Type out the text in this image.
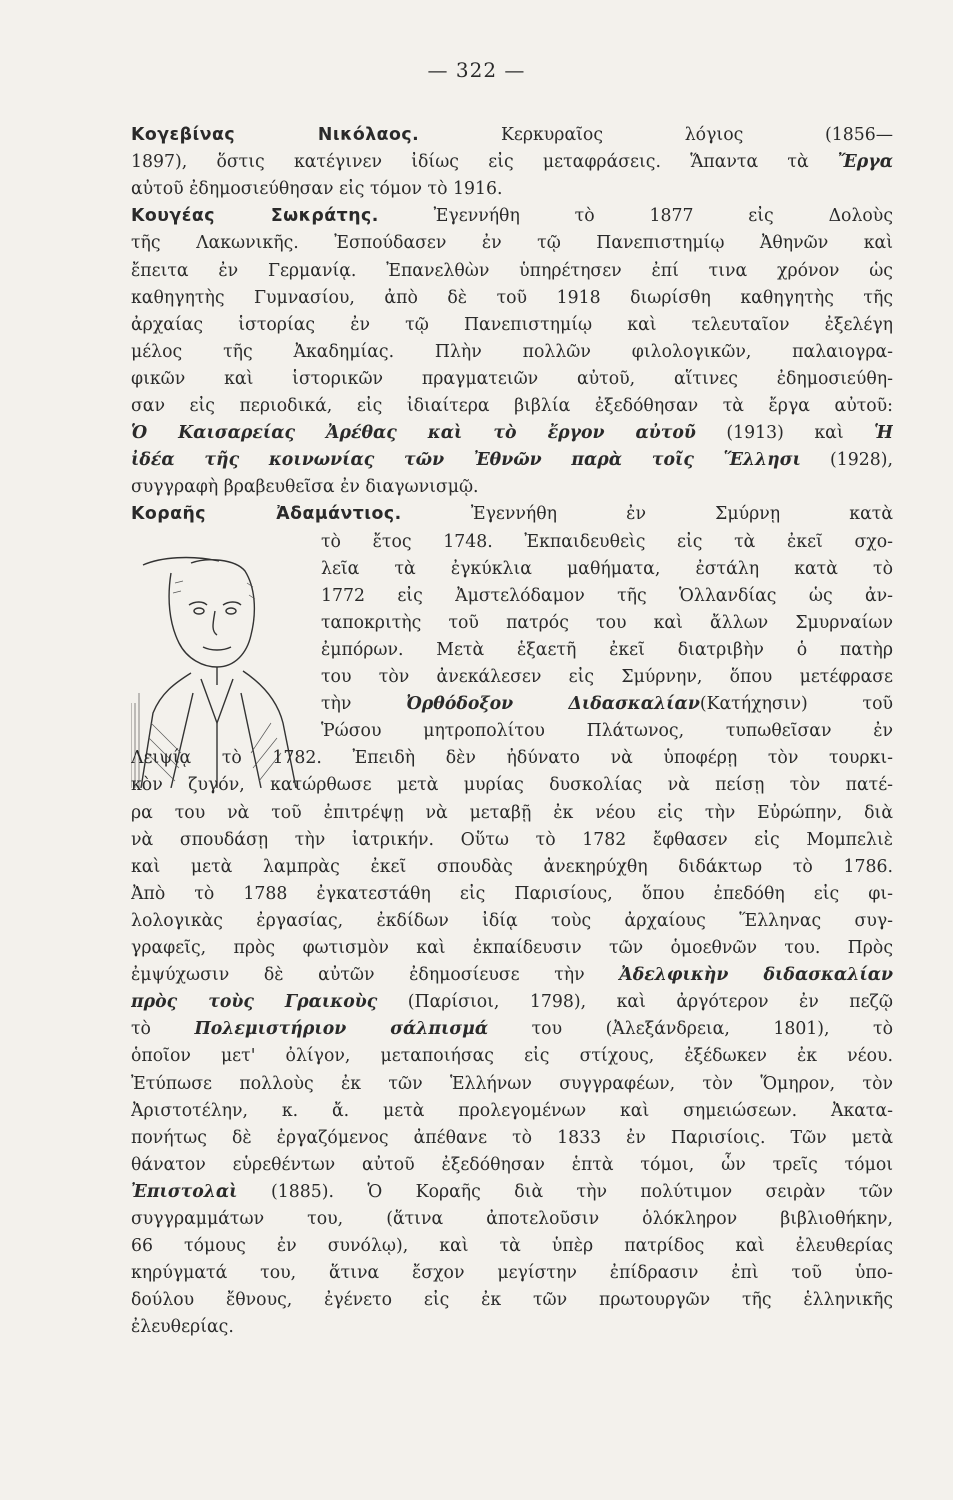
— 322 —
Κογεβίνας Νικόλαος. Κερκυραῖος λόγιος (1856—
1897), ὅστις κατέγινεν ἰδίως εἰς μεταφράσεις. Ἅπαντα τὰ Ἔργα
αὐτοῦ ἐδημοσιεύθησαν εἰς τόμον τὸ 1916.
Κουγέας Σωκράτης. Ἐγεννήθη τὸ 1877 εἰς Δολοὺς
τῆς Λακωνικῆς. Ἐσπούδασεν ἐν τῷ Πανεπιστημίῳ Ἀθηνῶν καὶ
ἔπειτα ἐν Γερμανίᾳ. Ἐπανελθὼν ὑπηρέτησεν ἐπί τινα χρόνον ὡς
καθηγητὴς Γυμνασίου, ἀπὸ δὲ τοῦ 1918 διωρίσθη καθηγητὴς τῆς
ἀρχαίας ἱστορίας ἐν τῷ Πανεπιστημίῳ καὶ τελευταῖον ἐξελέγη
μέλος τῆς Ἀκαδημίας. Πλὴν πολλῶν φιλολογικῶν, παλαιογρα-
φικῶν καὶ ἱστορικῶν πραγματειῶν αὐτοῦ, αἵτινες ἐδημοσιεύθη-
σαν εἰς περιοδικά, εἰς ἰδιαίτερα βιβλία ἐξεδόθησαν τὰ ἔργα αὐτοῦ:
Ὁ Καισαρείας Ἀρέθας καὶ τὸ ἔργον αὐτοῦ (1913) καὶ Ἡ
ἰδέα τῆς κοινωνίας τῶν Ἐθνῶν παρὰ τοῖς Ἕλλησι (1928),
συγγραφὴ βραβευθεῖσα ἐν διαγωνισμῷ.
Κοραῆς Ἀδαμάντιος. Ἐγεννήθη ἐν Σμύρνῃ κατὰ
τὸ ἔτος 1748. Ἐκπαιδευθεὶς εἰς τὰ ἐκεῖ σχο-
λεῖα τὰ ἐγκύκλια μαθήματα, ἐστάλη κατὰ τὸ
1772 εἰς Ἀμστελόδαμον τῆς Ὁλλανδίας ὡς ἀν-
ταποκριτὴς τοῦ πατρός του καὶ ἄλλων Σμυρναίων
ἐμπόρων. Μετὰ ἑξαετῆ ἐκεῖ διατριβὴν ὁ πατὴρ
του τὸν ἀνεκάλεσεν εἰς Σμύρνην, ὅπου μετέφρασε
τὴν Ὀρθόδοξον Διδασκαλίαν(Κατήχησιν) τοῦ
Ῥώσου μητροπολίτου Πλάτωνος, τυπωθεῖσαν ἐν
Λειψίᾳ τὸ 1782. Ἐπειδὴ δὲν ἠδύνατο νὰ ὑποφέρῃ τὸν τουρκι-
κὸν ζυγόν, κατώρθωσε μετὰ μυρίας δυσκολίας νὰ πείσῃ τὸν πατέ-
ρα του νὰ τοῦ ἐπιτρέψῃ νὰ μεταβῇ ἐκ νέου εἰς τὴν Εὐρώπην, διὰ
νὰ σπουδάσῃ τὴν ἰατρικήν. Οὕτω τὸ 1782 ἔφθασεν εἰς Μομπελιὲ
καὶ μετὰ λαμπρὰς ἐκεῖ σπουδὰς ἀνεκηρύχθη διδάκτωρ τὸ 1786.
Ἀπὸ τὸ 1788 ἐγκατεστάθη εἰς Παρισίους, ὅπου ἐπεδόθη εἰς φι-
λολογικὰς ἐργασίας, ἐκδίδων ἰδίᾳ τοὺς ἀρχαίους Ἕλληνας συγ-
γραφεῖς, πρὸς φωτισμὸν καὶ ἐκπαίδευσιν τῶν ὁμοεθνῶν του. Πρὸς
ἐμψύχωσιν δὲ αὐτῶν ἐδημοσίευσε τὴν Ἀδελφικὴν διδασκαλίαν
πρὸς τοὺς Γραικοὺς (Παρίσιοι, 1798), καὶ ἀργότερον ἐν πεζῷ
τὸ Πολεμιστήριον σάλπισμά του (Ἀλεξάνδρεια, 1801), τὸ
ὁποῖον μετ' ὀλίγον, μεταποιήσας εἰς στίχους, ἐξέδωκεν ἐκ νέου.
Ἐτύπωσε πολλοὺς ἐκ τῶν Ἑλλήνων συγγραφέων, τὸν Ὅμηρον, τὸν
Ἀριστοτέλην, κ. ἄ. μετὰ προλεγομένων καὶ σημειώσεων. Ἀκατα-
πονήτως δὲ ἐργαζόμενος ἀπέθανε τὸ 1833 ἐν Παρισίοις. Τῶν μετὰ
θάνατον εὑρεθέντων αὐτοῦ ἐξεδόθησαν ἑπτὰ τόμοι, ὧν τρεῖς τόμοι
Ἐπιστολαὶ (1885). Ὁ Κοραῆς διὰ τὴν πολύτιμον σειρὰν τῶν
συγγραμμάτων του, (ἅτινα ἀποτελοῦσιν ὁλόκληρον βιβλιοθήκην,
66 τόμους ἐν συνόλῳ), καὶ τὰ ὑπὲρ πατρίδος καὶ ἐλευθερίας
κηρύγματά του, ἅτινα ἔσχον μεγίστην ἐπίδρασιν ἐπὶ τοῦ ὑπο-
δούλου ἔθνους, ἐγένετο εἰς ἐκ τῶν πρωτουργῶν τῆς ἑλληνικῆς
ἐλευθερίας.
